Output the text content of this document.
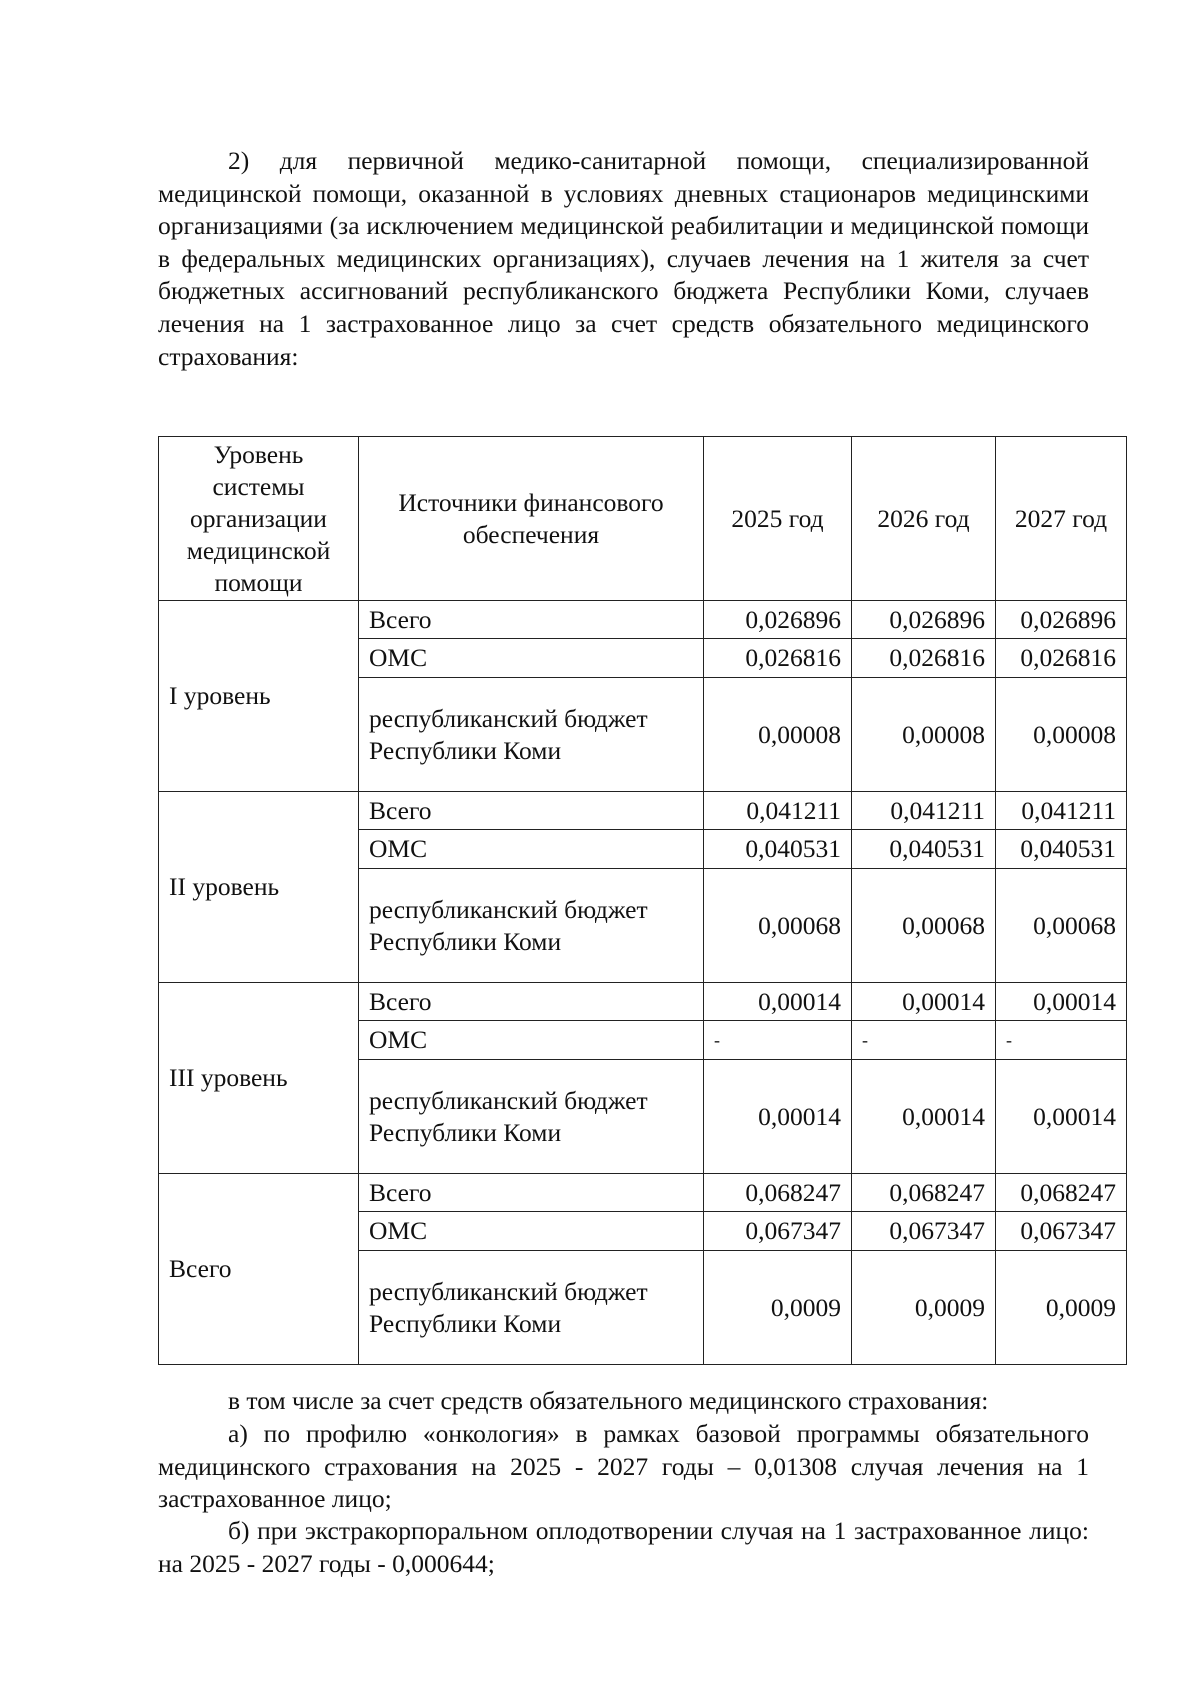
2) для первичной медико-санитарной помощи, специализированной медицинской помощи, оказанной в условиях дневных стационаров медицинскими организациями (за исключением медицинской реабилитации и медицинской помощи в федеральных медицинских организациях), случаев лечения на 1 жителя за счет бюджетных ассигнований республиканского бюджета Республики Коми, случаев лечения на 1 застрахованное лицо за счет средств обязательного медицинского страхования:

Уровень системы организации медицинской помощи	Источники финансового обеспечения	2025 год	2026 год	2027 год
I уровень	Всего	0,026896	0,026896	0,026896
	ОМС	0,026816	0,026816	0,026816
	республиканский бюджет Республики Коми	0,00008	0,00008	0,00008
II уровень	Всего	0,041211	0,041211	0,041211
	ОМС	0,040531	0,040531	0,040531
	республиканский бюджет Республики Коми	0,00068	0,00068	0,00068
III уровень	Всего	0,00014	0,00014	0,00014
	ОМС	-	-	-
	республиканский бюджет Республики Коми	0,00014	0,00014	0,00014
Всего	Всего	0,068247	0,068247	0,068247
	ОМС	0,067347	0,067347	0,067347
	республиканский бюджет Республики Коми	0,0009	0,0009	0,0009

в том числе за счет средств обязательного медицинского страхования:

а) по профилю «онкология» в рамках базовой программы обязательного медицинского страхования на 2025 - 2027 годы – 0,01308 случая лечения на 1 застрахованное лицо;

б) при экстракорпоральном оплодотворении случая на 1 застрахованное лицо: на 2025 - 2027 годы - 0,000644;
